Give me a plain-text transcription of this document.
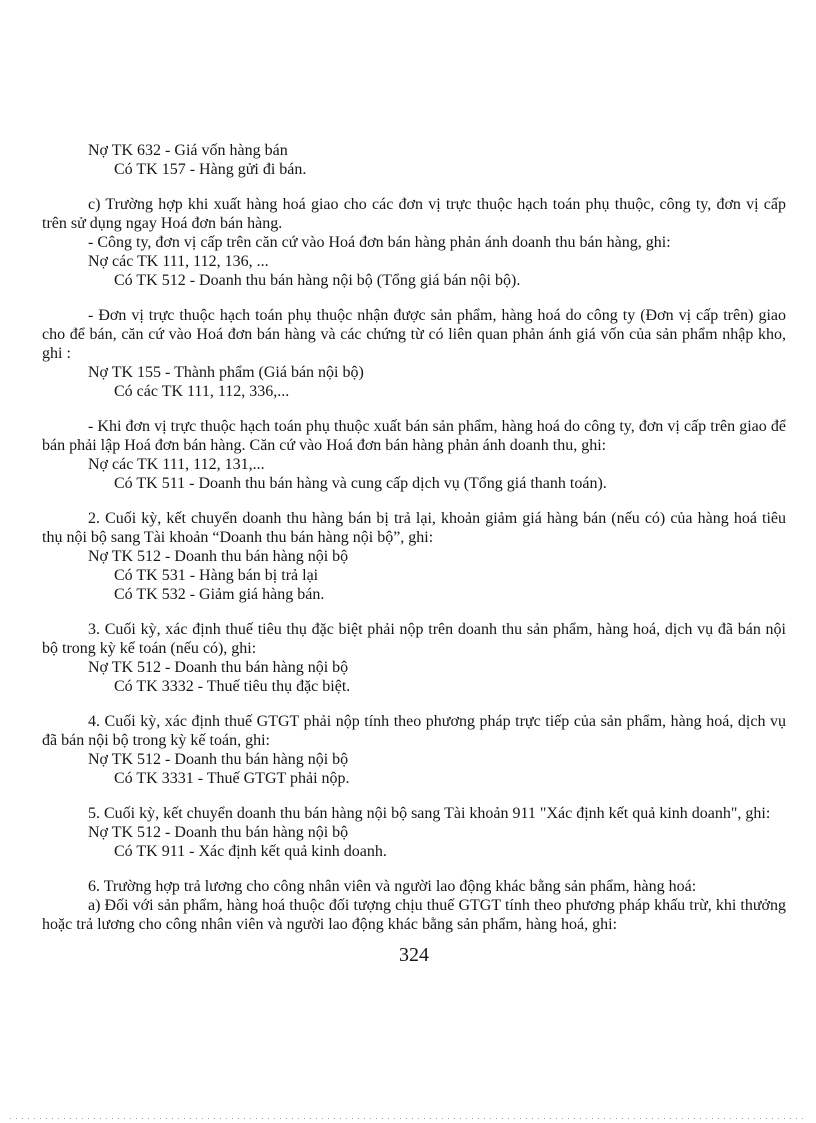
Nợ TK 632 - Giá vốn hàng bán

Có TK 157 - Hàng gửi đi bán.

c) Trường hợp khi xuất hàng hoá giao cho các đơn vị trực thuộc hạch toán phụ thuộc, công ty, đơn vị cấp trên sử dụng ngay Hoá đơn bán hàng.

- Công ty, đơn vị cấp trên căn cứ vào Hoá đơn bán hàng phản ánh doanh thu bán hàng, ghi:

Nợ các TK 111, 112, 136, ...

Có TK 512 - Doanh thu bán hàng nội bộ (Tổng giá bán nội bộ).

- Đơn vị trực thuộc hạch toán phụ thuộc nhận được sản phẩm, hàng hoá do công ty (Đơn vị cấp trên) giao cho để bán, căn cứ vào Hoá đơn bán hàng và các chứng từ có liên quan phản ánh giá vốn của sản phẩm nhập kho, ghi :

Nợ TK 155 - Thành phẩm (Giá bán nội bộ)

Có các TK 111, 112, 336,...

- Khi đơn vị trực thuộc hạch toán phụ thuộc xuất bán sản phẩm, hàng hoá do công ty, đơn vị cấp trên giao để bán phải lập Hoá đơn bán hàng. Căn cứ vào Hoá đơn bán hàng phản ánh doanh thu, ghi:

Nợ các TK 111, 112, 131,...

Có TK 511 - Doanh thu bán hàng và cung cấp dịch vụ (Tổng giá thanh toán).

2. Cuối kỳ, kết chuyển doanh thu hàng bán bị trả lại, khoản giảm giá hàng bán (nếu có) của hàng hoá tiêu thụ nội bộ sang Tài khoản “Doanh thu bán hàng nội bộ”, ghi:

Nợ TK 512 - Doanh thu bán hàng nội bộ

Có TK 531 - Hàng bán bị trả lại

Có TK 532 - Giảm giá hàng bán.

3. Cuối kỳ, xác định thuế tiêu thụ đặc biệt phải nộp trên doanh thu sản phẩm, hàng hoá, dịch vụ đã bán nội bộ trong kỳ kế toán (nếu có), ghi:

Nợ TK 512 - Doanh thu bán hàng nội bộ

Có TK 3332 - Thuế tiêu thụ đặc biệt.

4. Cuối kỳ, xác định thuế GTGT phải nộp tính theo phương pháp trực tiếp của sản phẩm, hàng hoá, dịch vụ đã bán nội bộ trong kỳ kế toán, ghi:

Nợ TK 512 - Doanh thu bán hàng nội bộ

Có TK 3331 - Thuế GTGT phải nộp.

5. Cuối kỳ, kết chuyển doanh thu bán hàng nội bộ sang Tài khoản 911 "Xác định kết quả kinh doanh", ghi:

Nợ TK 512 - Doanh thu bán hàng nội bộ

Có TK 911 - Xác định kết quả kinh doanh.

6. Trường hợp trả lương cho công nhân viên và người lao động khác bằng sản phẩm, hàng hoá:

a) Đối với sản phẩm, hàng hoá thuộc đối tượng chịu thuế GTGT tính theo phương pháp khấu trừ, khi thưởng hoặc trả lương cho công nhân viên và người lao động khác bằng sản phẩm, hàng hoá, ghi:

324
